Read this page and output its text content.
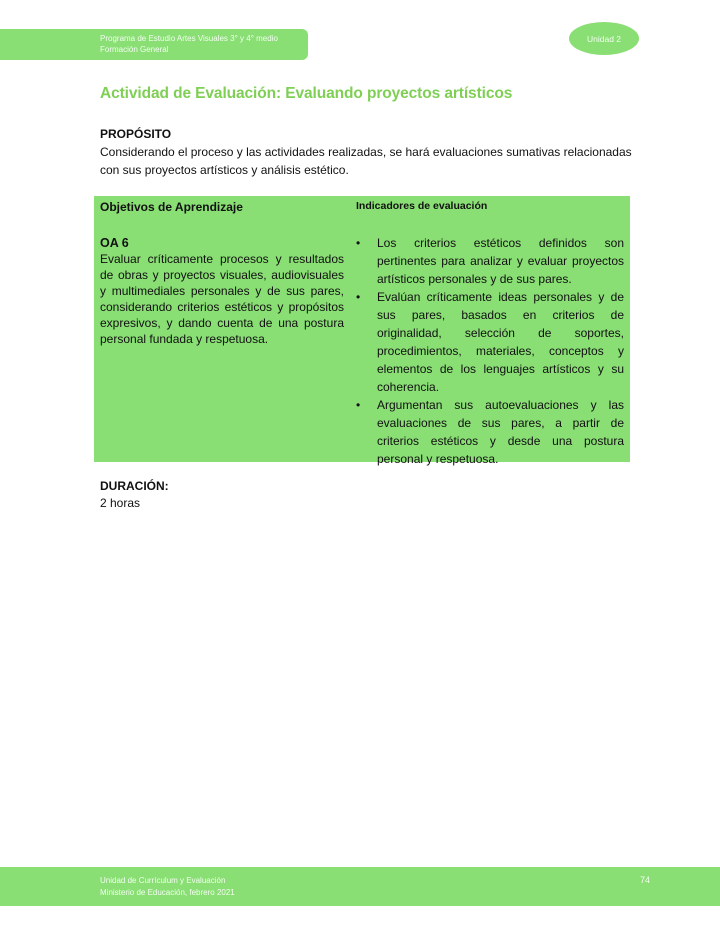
Programa de Estudio Artes Visuales 3° y 4° medio
Formación General
Unidad 2
Actividad de Evaluación: Evaluando proyectos artísticos
PROPÓSITO
Considerando el proceso y las actividades realizadas, se hará evaluaciones sumativas relacionadas con sus proyectos artísticos y análisis estético.
Objetivos de Aprendizaje
OA 6
Evaluar críticamente procesos y resultados de obras y proyectos visuales, audiovisuales y multimediales personales y de sus pares, considerando criterios estéticos y propósitos expresivos, y dando cuenta de una postura personal fundada y respetuosa.
Indicadores de evaluación
• Los criterios estéticos definidos son pertinentes para analizar y evaluar proyectos artísticos personales y de sus pares.
• Evalúan críticamente ideas personales y de sus pares, basados en criterios de originalidad, selección de soportes, procedimientos, materiales, conceptos y elementos de los lenguajes artísticos y su coherencia.
• Argumentan sus autoevaluaciones y las evaluaciones de sus pares, a partir de criterios estéticos y desde una postura personal y respetuosa.
DURACIÓN:
2 horas
Unidad de Currículum y Evaluación
Ministerio de Educación, febrero 2021
74
